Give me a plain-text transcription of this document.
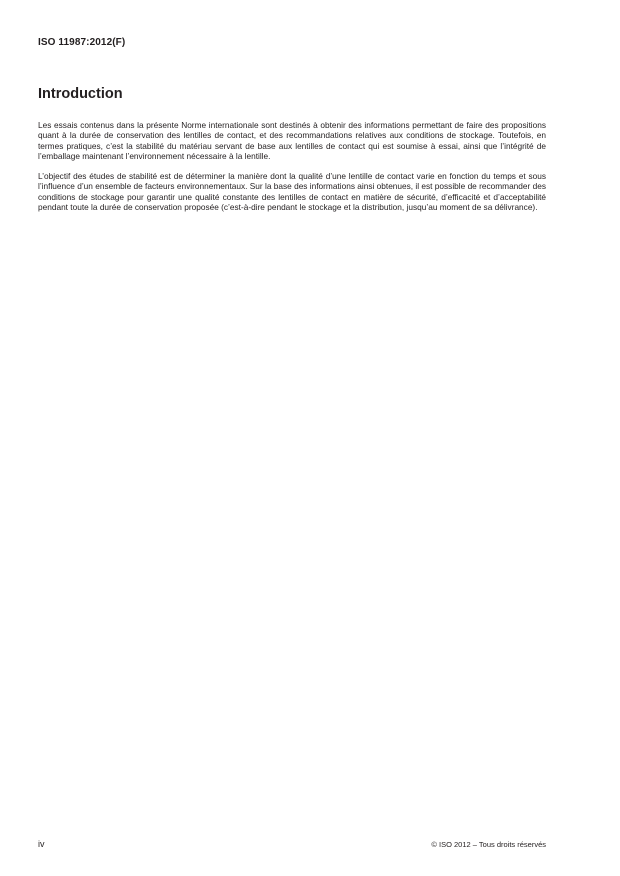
ISO 11987:2012(F)
Introduction

Les essais contenus dans la présente Norme internationale sont destinés à obtenir des informations permettant de faire des propositions quant à la durée de conservation des lentilles de contact, et des recommandations relatives aux conditions de stockage. Toutefois, en termes pratiques, c’est la stabilité du matériau servant de base aux lentilles de contact qui est soumise à essai, ainsi que l’intégrité de l’emballage maintenant l’environnement nécessaire à la lentille.

L’objectif des études de stabilité est de déterminer la manière dont la qualité d’une lentille de contact varie en fonction du temps et sous l’influence d’un ensemble de facteurs environnementaux. Sur la base des informations ainsi obtenues, il est possible de recommander des conditions de stockage pour garantir une qualité constante des lentilles de contact en matière de sécurité, d’efficacité et d’acceptabilité pendant toute la durée de conservation proposée (c’est-à-dire pendant le stockage et la distribution, jusqu’au moment de sa délivrance).

iv	© ISO 2012 – Tous droits réservés
